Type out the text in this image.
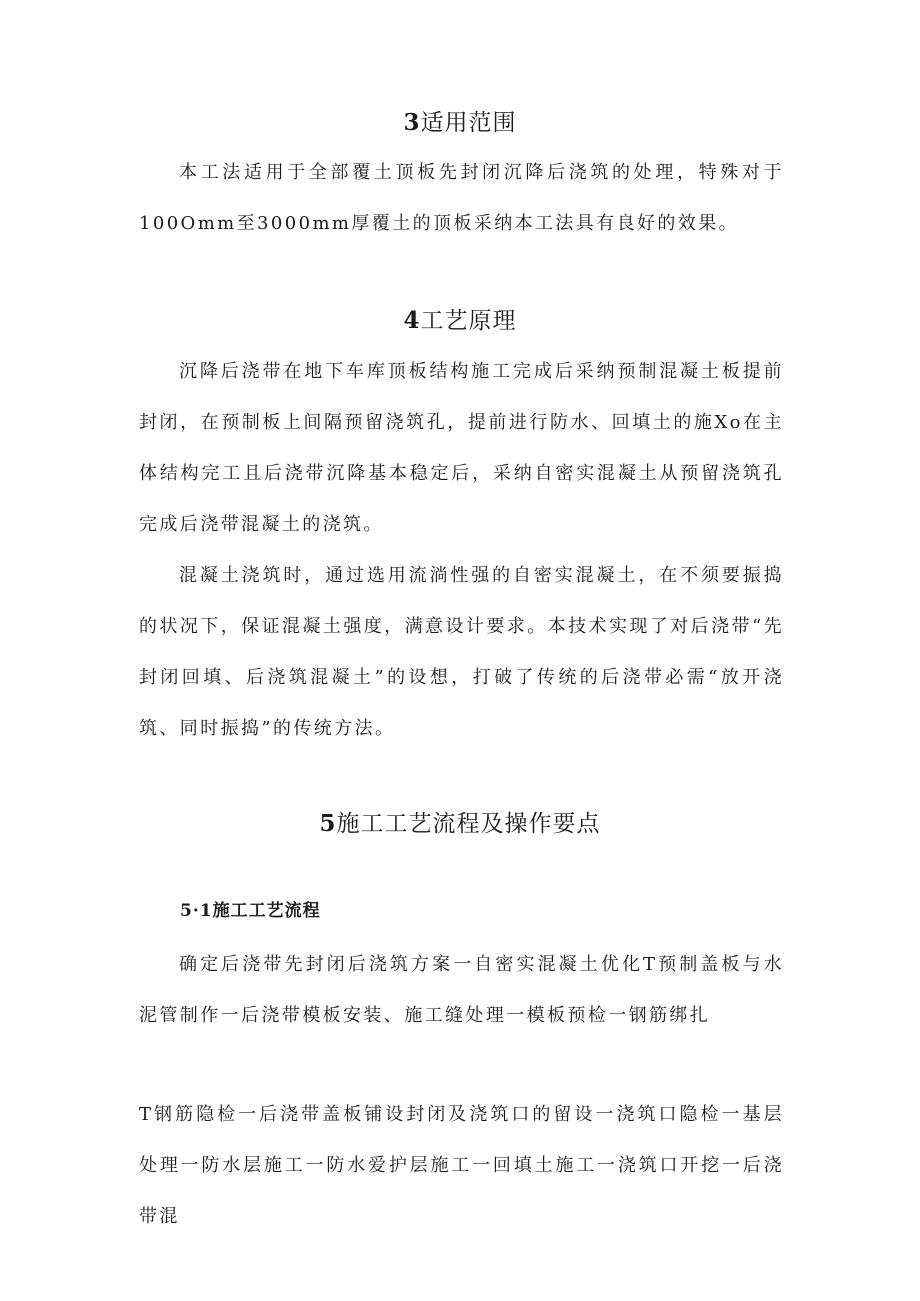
3适用范围

本工法适用于全部覆土顶板先封闭沉降后浇筑的处理，特殊对于100Omm至3000mm厚覆土的顶板采纳本工法具有良好的效果。

4工艺原理

沉降后浇带在地下车库顶板结构施工完成后采纳预制混凝土板提前封闭，在预制板上间隔预留浇筑孔，提前进行防水、回填土的施Xo在主体结构完工且后浇带沉降基本稳定后，采纳自密实混凝土从预留浇筑孔完成后浇带混凝土的浇筑。

混凝土浇筑时，通过选用流淌性强的自密实混凝土，在不须要振捣的状况下，保证混凝土强度，满意设计要求。本技术实现了对后浇带“先封闭回填、后浇筑混凝土”的设想，打破了传统的后浇带必需“放开浇筑、同时振捣”的传统方法。

5施工工艺流程及操作要点
5·1施工工艺流程

确定后浇带先封闭后浇筑方案一自密实混凝土优化T预制盖板与水泥管制作一后浇带模板安装、施工缝处理一模板预检一钢筋绑扎

T钢筋隐检一后浇带盖板铺设封闭及浇筑口的留设一浇筑口隐检一基层处理一防水层施工一防水爱护层施工一回填土施工一浇筑口开挖一后浇带混
